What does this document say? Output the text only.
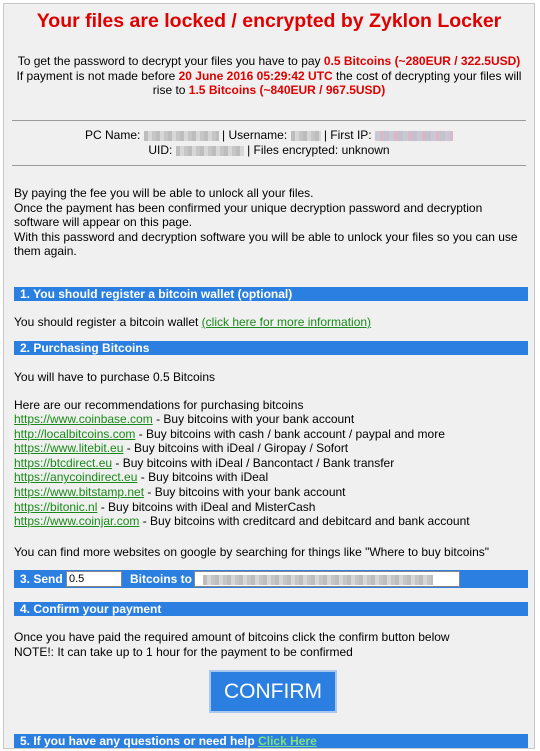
Your files are locked / encrypted by Zyklon Locker
To get the password to decrypt your files you have to pay 0.5 Bitcoins (~280EUR / 322.5USD)
If payment is not made before 20 June 2016 05:29:42 UTC the cost of decrypting your files will rise to 1.5 Bitcoins (~840EUR / 967.5USD)
PC Name:	| Username:	| First IP:
UID:	| Files encrypted: unknown
By paying the fee you will be able to unlock all your files.
Once the payment has been confirmed your unique decryption password and decryption software will appear on this page.
With this password and decryption software you will be able to unlock your files so you can use them again.
1. You should register a bitcoin wallet (optional)
You should register a bitcoin wallet (click here for more information)
2. Purchasing Bitcoins
You will have to purchase 0.5 Bitcoins
Here are our recommendations for purchasing bitcoins
https://www.coinbase.com - Buy bitcoins with your bank account
http://localbitcoins.com - Buy bitcoins with cash / bank account / paypal and more
https://www.litebit.eu - Buy bitcoins with iDeal / Giropay / Sofort
https://btcdirect.eu - Buy bitcoins with iDeal / Bancontact / Bank transfer
https://anycoindirect.eu - Buy bitcoins with iDeal
https://www.bitstamp.net - Buy bitcoins with your bank account
https://bitonic.nl - Buy bitcoins with iDeal and MisterCash
https://www.coinjar.com - Buy bitcoins with creditcard and debitcard and bank account
You can find more websites on google by searching for things like "Where to buy bitcoins"
3. Send
0.5	Bitcoins to
4. Confirm your payment
Once you have paid the required amount of bitcoins click the confirm button below
NOTE!: It can take up to 1 hour for the payment to be confirmed
CONFIRM
5. If you have any questions or need help Click Here
